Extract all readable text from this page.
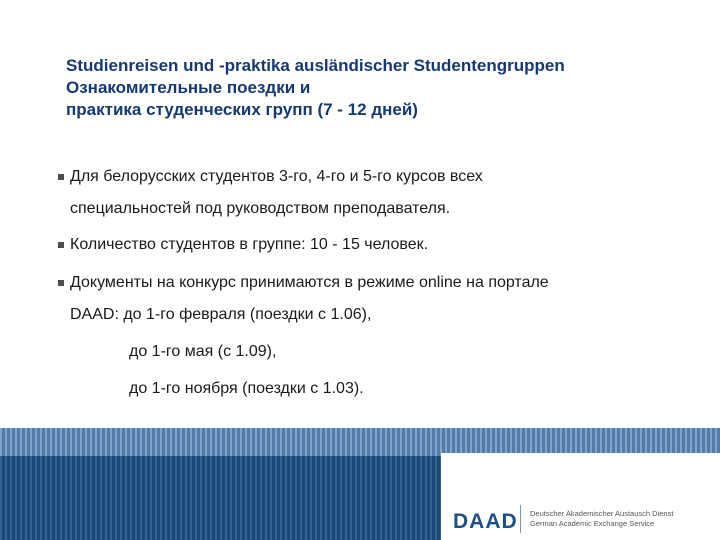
Studienreisen und -praktika ausländischer Studentengruppen
Ознакомительные поездки и
практика студенческих групп (7 - 12 дней)
Для белорусских студентов 3-го, 4-го и 5-го курсов всех
специальностей под руководством преподавателя.
Количество студентов в группе: 10 - 15 человек.
Документы на конкурс принимаются в режиме online на портале
DAAD: до 1-го февраля (поездки с 1.06),
до 1-го мая (с 1.09),
до 1-го ноября (поездки с 1.03).
DAAD Deutscher Akademischer Austausch Dienst
German Academic Exchange Service
